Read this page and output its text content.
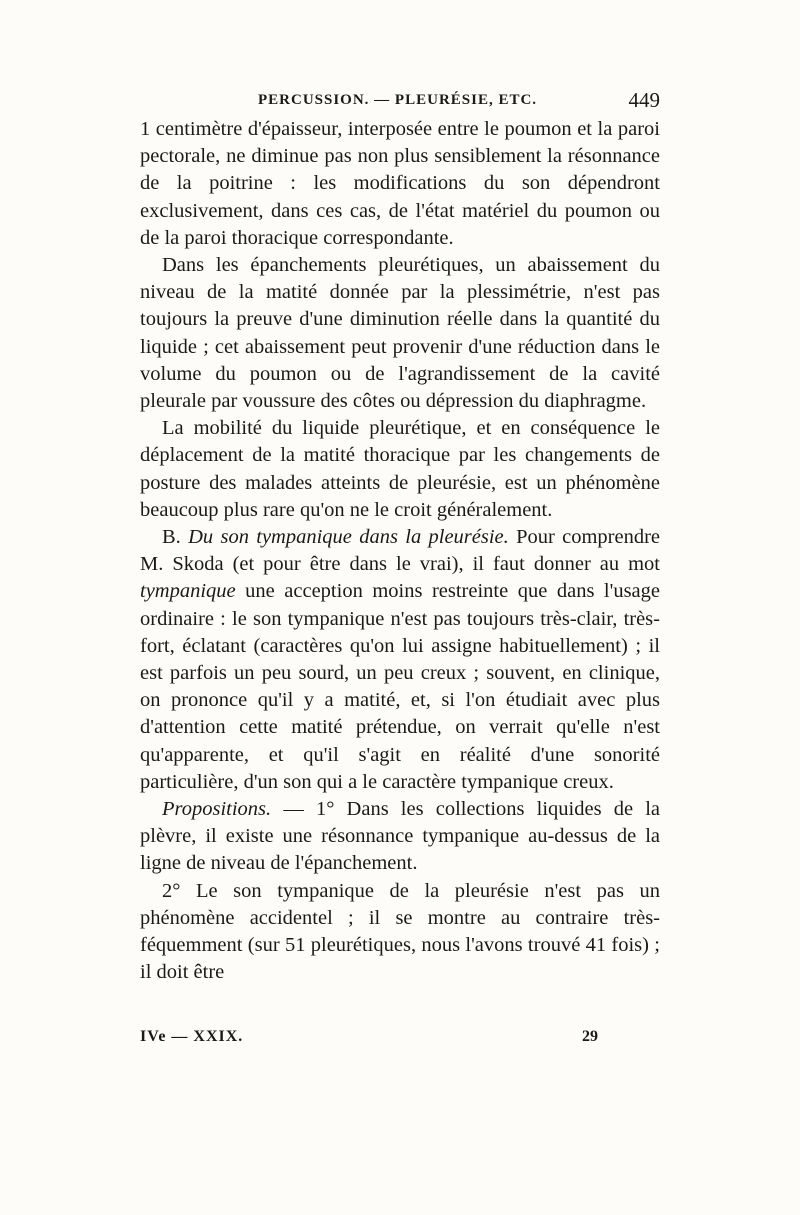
PERCUSSION. — PLEURÉSIE, ETC.	449

1 centimètre d'épaisseur, interposée entre le poumon et la paroi pectorale, ne diminue pas non plus sensiblement la résonnance de la poitrine : les modifications du son dépendront exclusivement, dans ces cas, de l'état matériel du poumon ou de la paroi thoracique correspondante.

Dans les épanchements pleurétiques, un abaissement du niveau de la matité donnée par la plessimétrie, n'est pas toujours la preuve d'une diminution réelle dans la quantité du liquide ; cet abaissement peut provenir d'une réduction dans le volume du poumon ou de l'agrandissement de la cavité pleurale par voussure des côtes ou dépression du diaphragme.

La mobilité du liquide pleurétique, et en conséquence le déplacement de la matité thoracique par les changements de posture des malades atteints de pleurésie, est un phénomène beaucoup plus rare qu'on ne le croit généralement.

B. Du son tympanique dans la pleurésie. Pour comprendre M. Skoda (et pour être dans le vrai), il faut donner au mot tympanique une acception moins restreinte que dans l'usage ordinaire : le son tympanique n'est pas toujours très-clair, très-fort, éclatant (caractères qu'on lui assigne habituellement) ; il est parfois un peu sourd, un peu creux ; souvent, en clinique, on prononce qu'il y a matité, et, si l'on étudiait avec plus d'attention cette matité prétendue, on verrait qu'elle n'est qu'apparente, et qu'il s'agit en réalité d'une sonorité particulière, d'un son qui a le caractère tympanique creux.

Propositions. — 1° Dans les collections liquides de la plèvre, il existe une résonnance tympanique au-dessus de la ligne de niveau de l'épanchement.

2° Le son tympanique de la pleurésie n'est pas un phénomène accidentel ; il se montre au contraire très-féquemment (sur 51 pleurétiques, nous l'avons trouvé 41 fois) ; il doit être

IVe — XXIX.	29
